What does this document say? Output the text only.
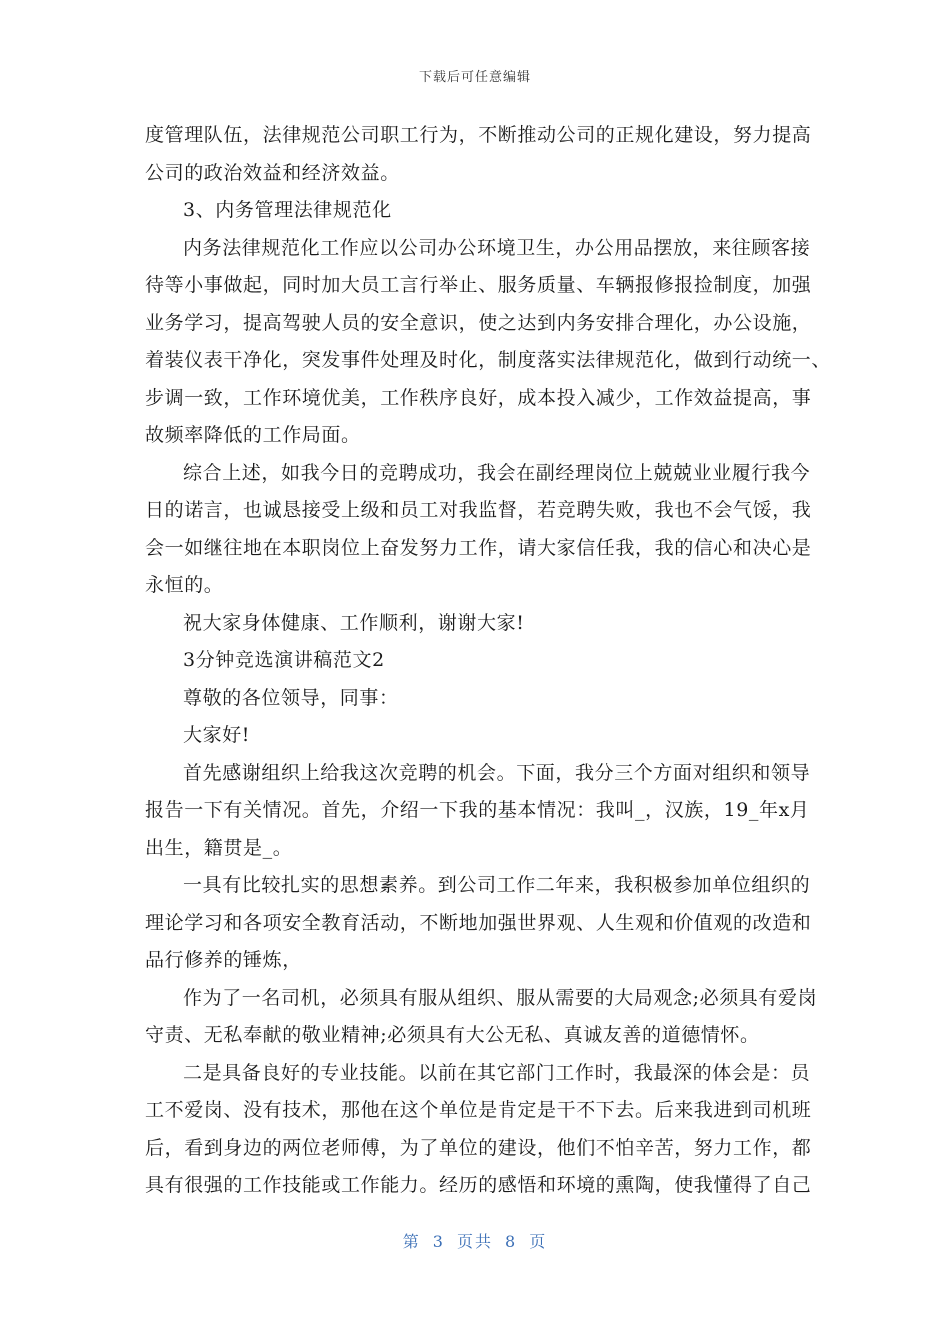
下载后可任意编辑
度管理队伍，法律规范公司职工行为，不断推动公司的正规化建设，努力提高
公司的政治效益和经济效益。
3、内务管理法律规范化
内务法律规范化工作应以公司办公环境卫生，办公用品摆放，来往顾客接
待等小事做起，同时加大员工言行举止、服务质量、车辆报修报捡制度，加强
业务学习，提高驾驶人员的安全意识，使之达到内务安排合理化，办公设施，
着装仪表干净化，突发事件处理及时化，制度落实法律规范化，做到行动统一、
步调一致，工作环境优美，工作秩序良好，成本投入减少，工作效益提高，事
故频率降低的工作局面。
综合上述，如我今日的竞聘成功，我会在副经理岗位上兢兢业业履行我今
日的诺言，也诚恳接受上级和员工对我监督，若竞聘失败，我也不会气馁，我
会一如继往地在本职岗位上奋发努力工作，请大家信任我，我的信心和决心是
永恒的。
祝大家身体健康、工作顺利，谢谢大家!
3分钟竞选演讲稿范文2
尊敬的各位领导，同事：
大家好!
首先感谢组织上给我这次竞聘的机会。下面，我分三个方面对组织和领导
报告一下有关情况。首先，介绍一下我的基本情况：我叫_，汉族，19_年x月
出生，籍贯是_。
一具有比较扎实的思想素养。到公司工作二年来，我积极参加单位组织的
理论学习和各项安全教育活动，不断地加强世界观、人生观和价值观的改造和
品行修养的锤炼，
作为了一名司机，必须具有服从组织、服从需要的大局观念;必须具有爱岗
守责、无私奉献的敬业精神;必须具有大公无私、真诚友善的道德情怀。
二是具备良好的专业技能。以前在其它部门工作时，我最深的体会是：员
工不爱岗、没有技术，那他在这个单位是肯定是干不下去。后来我进到司机班
后，看到身边的两位老师傅，为了单位的建设，他们不怕辛苦，努力工作，都
具有很强的工作技能或工作能力。经历的感悟和环境的熏陶，使我懂得了自己
第 3 页共 8 页
